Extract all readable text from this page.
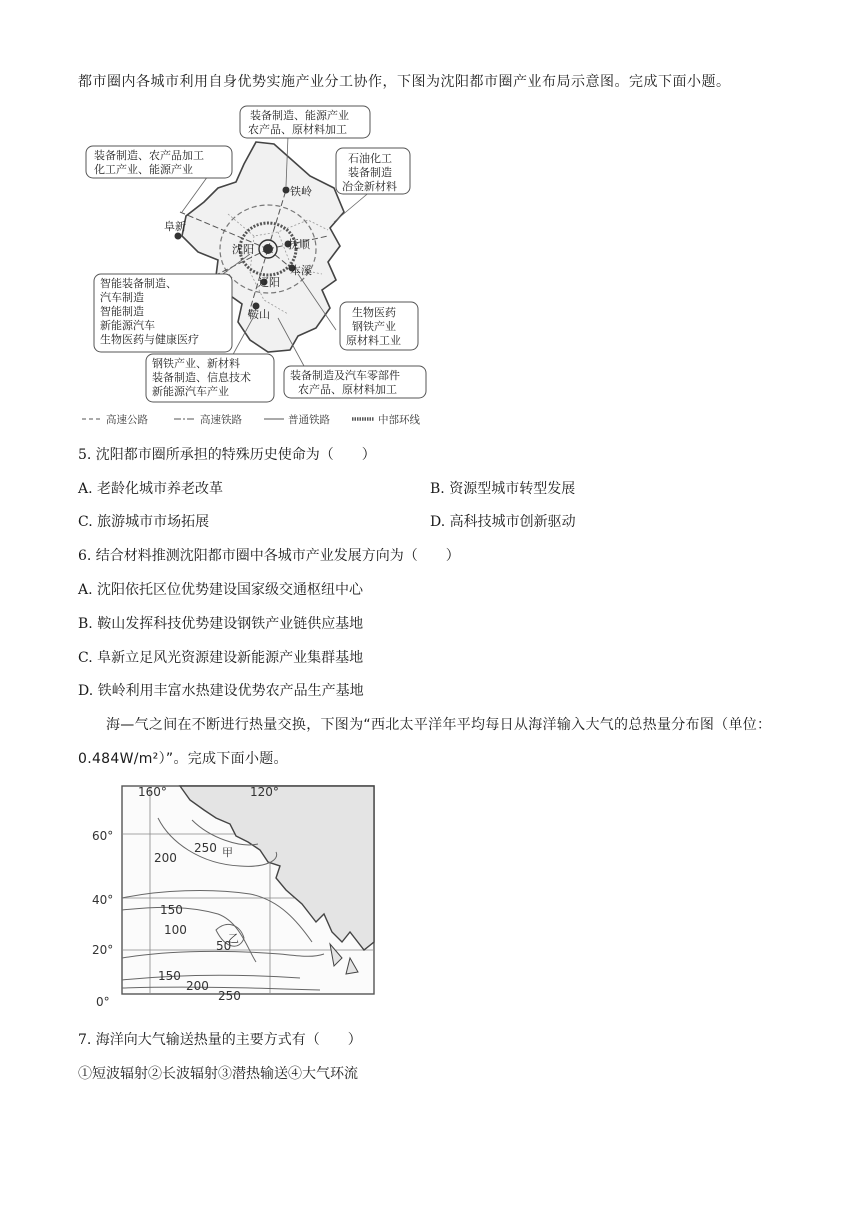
都市圈内各城市利用自身优势实施产业分工协作，下图为沈阳都市圈产业布局示意图。完成下面小题。
铁岭
阜新
沈阳	抚顺
本溪
辽阳
鞍山
装备制造、能源产业
农产品、原材料加工
装备制造、农产品加工
化工产业、能源产业
石油化工
装备制造
冶金新材料
智能装备制造、
汽车制造
智能制造
新能源汽车
生物医药与健康医疗
生物医药
钢铁产业
原材料工业
钢铁产业、新材料
装备制造、信息技术
新能源汽车产业
装备制造及汽车零部件
农产品、原材料加工
高速公路	高速铁路	普通铁路	中部环线
5. 沈阳都市圈所承担的特殊历史使命为（　　）
A. 老龄化城市养老改革	B. 资源型城市转型发展
C. 旅游城市市场拓展	D. 高科技城市创新驱动
6. 结合材料推测沈阳都市圈中各城市产业发展方向为（　　）
A. 沈阳依托区位优势建设国家级交通枢纽中心
B. 鞍山发挥科技优势建设钢铁产业链供应基地
C. 阜新立足风光资源建设新能源产业集群基地
D. 铁岭利用丰富水热建设优势农产品生产基地
海—气之间在不断进行热量交换，下图为“西北太平洋年平均每日从海洋输入大气的总热量分布图（单位：0.484W/m²）”。完成下面小题。
200
250
150
100
50
150
200
250
甲
乙
160°	120°
60°
40°
20°
0°
7. 海洋向大气输送热量的主要方式有（　　）
①短波辐射②长波辐射③潜热输送④大气环流
